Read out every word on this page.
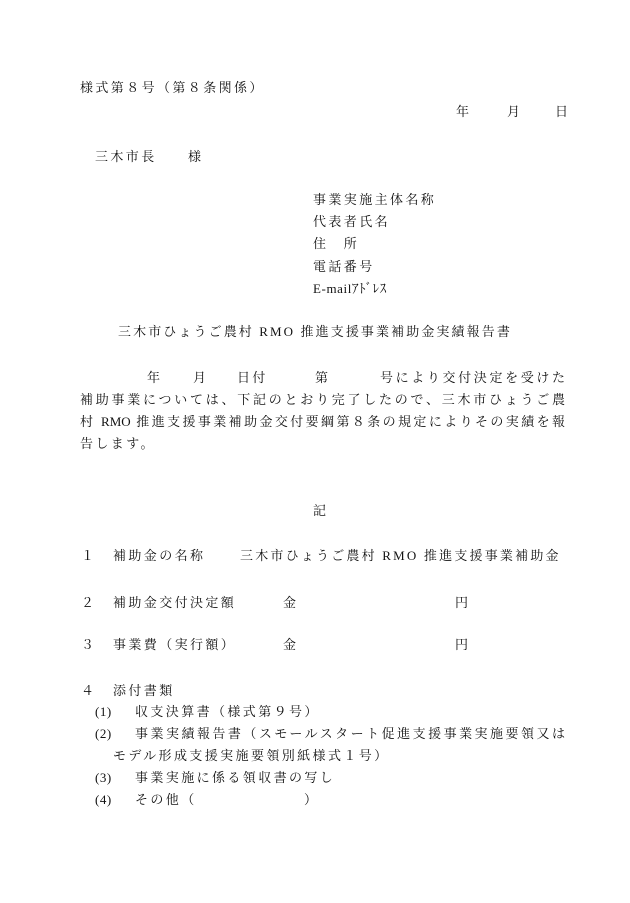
様式第８号（第８条関係）
年	月	日
三木市長 様
事業実施主体名称
代表者氏名
住　所
電話番号
E-mailｱﾄﾞﾚｽ
三木市ひょうご農村 RMO 推進支援事業補助金実績報告書
年 月 日付	第	号により交付決定を受けた
補助事業については、下記のとおり完了したので、三木市ひょうご農
村 RMO 推進支援事業補助金交付要綱第８条の規定によりその実績を報
告します。
記
１ 補助金の名称	三木市ひょうご農村 RMO 推進支援事業補助金
２ 補助金交付決定額	金	円
３ 事業費（実行額）	金	円
４ 添付書類
(1) 収支決算書（様式第９号）
(2) 事業実績報告書（スモールスタート促進支援事業実施要領又は
モデル形成支援実施要領別紙様式１号）
(3) 事業実施に係る領収書の写し
(4) その他（	）
